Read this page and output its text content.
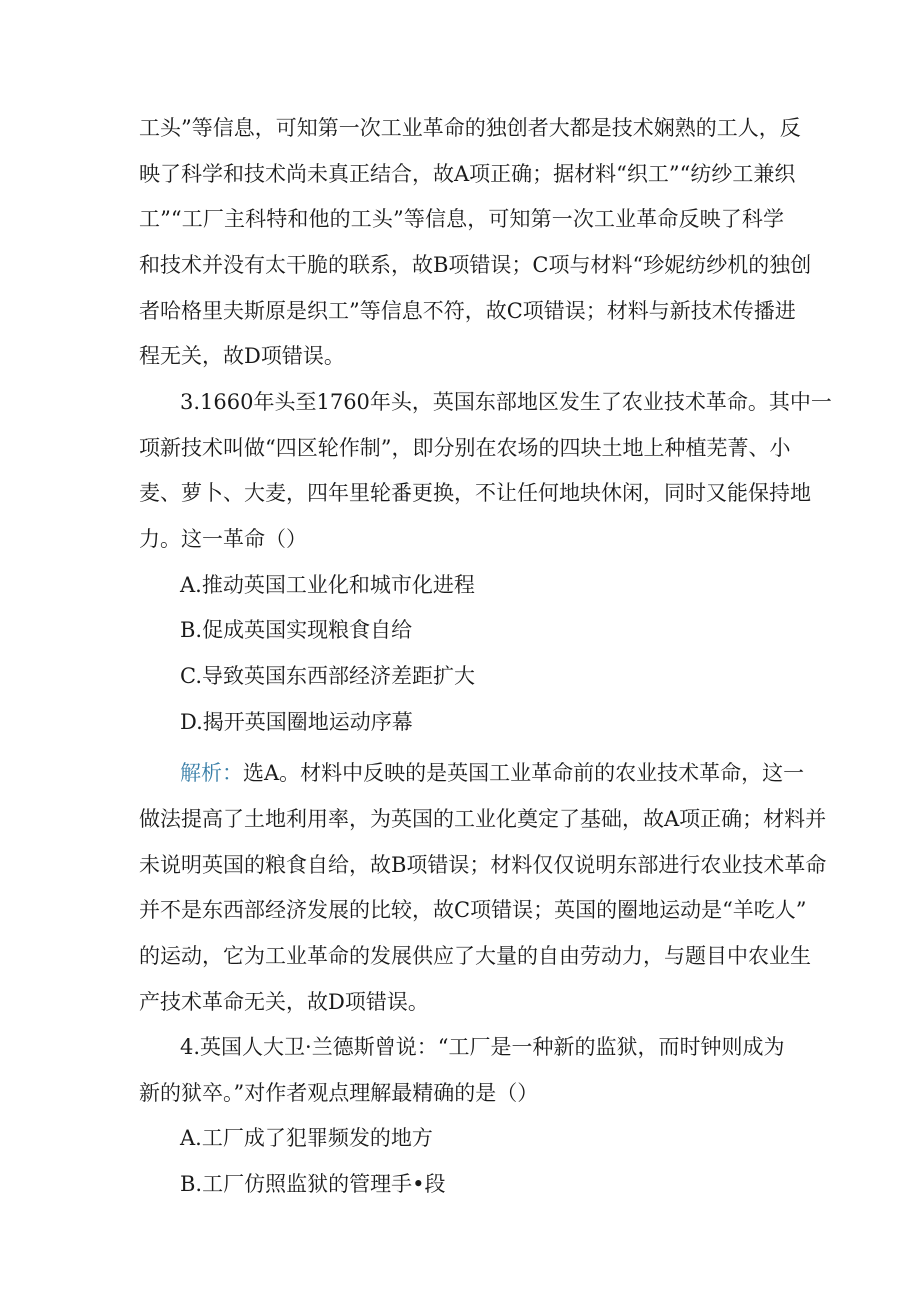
工头”等信息，可知第一次工业革命的独创者大都是技术娴熟的工人，反
映了科学和技术尚未真正结合，故A项正确；据材料“织工”“纺纱工兼织
工”“工厂主科特和他的工头”等信息，可知第一次工业革命反映了科学
和技术并没有太干脆的联系，故B项错误；C项与材料“珍妮纺纱机的独创
者哈格里夫斯原是织工”等信息不符，故C项错误；材料与新技术传播进
程无关，故D项错误。
3.1660年头至1760年头，英国东部地区发生了农业技术革命。其中一
项新技术叫做“四区轮作制”，即分别在农场的四块土地上种植芜菁、小
麦、萝卜、大麦，四年里轮番更换，不让任何地块休闲，同时又能保持地
力。这一革命（）
A.推动英国工业化和城市化进程
B.促成英国实现粮食自给
C.导致英国东西部经济差距扩大
D.揭开英国圈地运动序幕
解析：选A。材料中反映的是英国工业革命前的农业技术革命，这一
做法提高了土地利用率，为英国的工业化奠定了基础，故A项正确；材料并
未说明英国的粮食自给，故B项错误；材料仅仅说明东部进行农业技术革命
并不是东西部经济发展的比较，故C项错误；英国的圈地运动是“羊吃人”
的运动，它为工业革命的发展供应了大量的自由劳动力，与题目中农业生
产技术革命无关，故D项错误。
4.英国人大卫·兰德斯曾说：“工厂是一种新的监狱，而时钟则成为
新的狱卒。”对作者观点理解最精确的是（）
A.工厂成了犯罪频发的地方
B.工厂仿照监狱的管理手•段
